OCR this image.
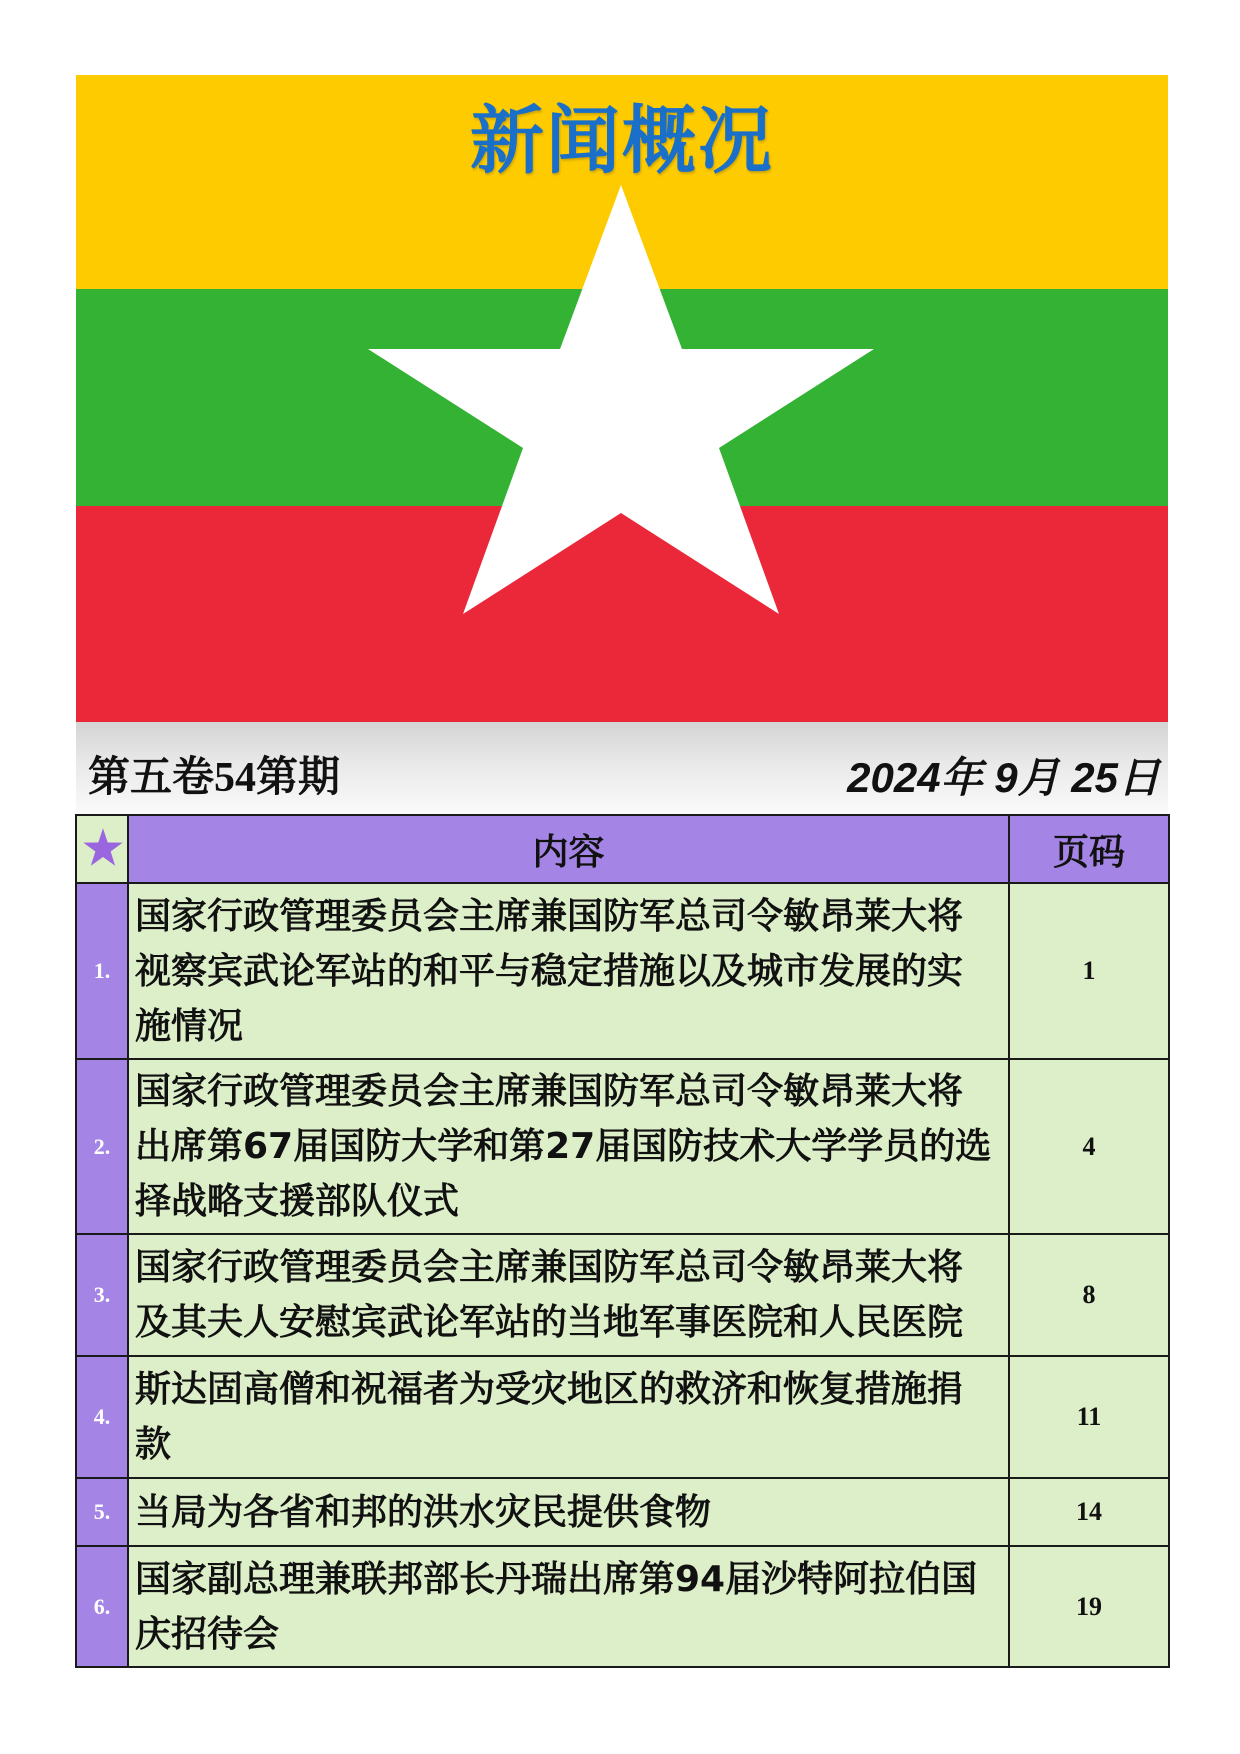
新闻概况
第五卷54第期	2024年 9月 25日
	内容	页码
1.	国家行政管理委员会主席兼国防军总司令敏昂莱大将
视察宾武论军站的和平与稳定措施以及城市发展的实
施情况	1
2.	国家行政管理委员会主席兼国防军总司令敏昂莱大将
出席第67届国防大学和第27届国防技术大学学员的选
择战略支援部队仪式	4
3.	国家行政管理委员会主席兼国防军总司令敏昂莱大将
及其夫人安慰宾武论军站的当地军事医院和人民医院	8
4.	斯达固高僧和祝福者为受灾地区的救济和恢复措施捐
款	11
5.	当局为各省和邦的洪水灾民提供食物	14
6.	国家副总理兼联邦部长丹瑞出席第94届沙特阿拉伯国
庆招待会	19
